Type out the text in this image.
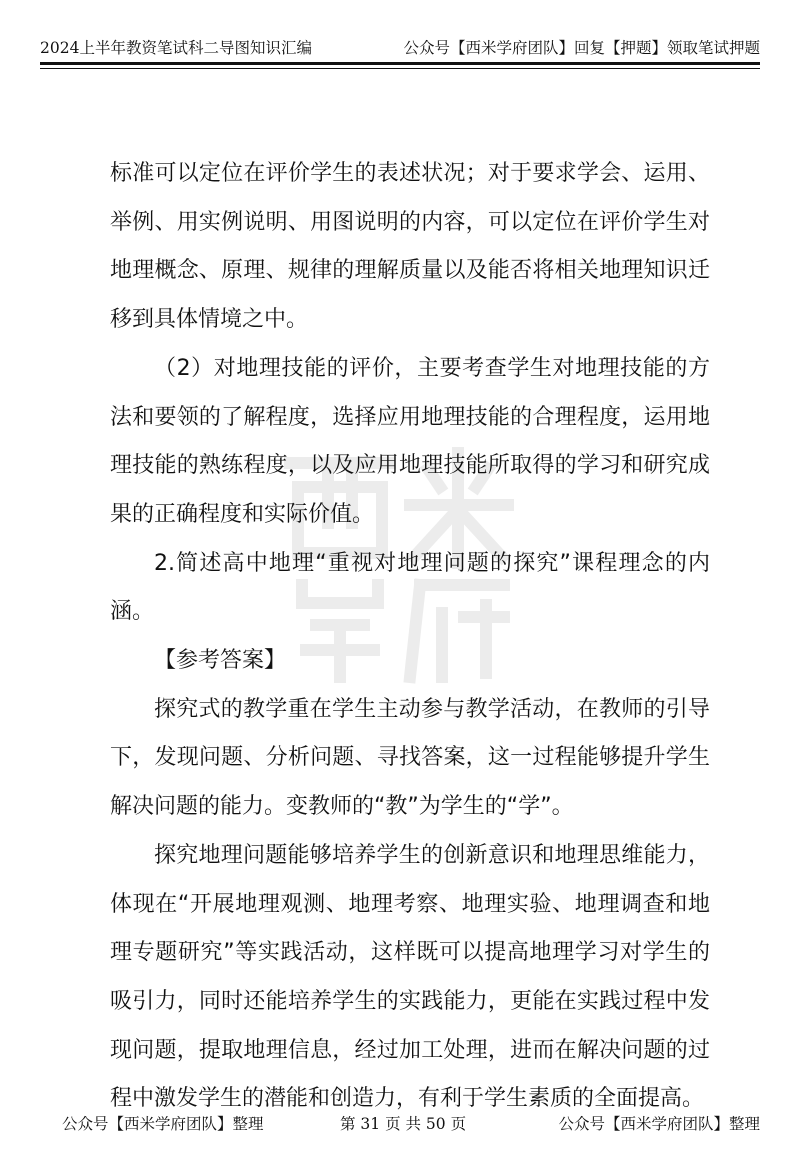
2024上半年教资笔试科二导图知识汇编	公众号【西米学府团队】回复【押题】领取笔试押题

标准可以定位在评价学生的表述状况；对于要求学会、运用、举例、用实例说明、用图说明的内容，可以定位在评价学生对地理概念、原理、规律的理解质量以及能否将相关地理知识迁移到具体情境之中。

（2）对地理技能的评价，主要考查学生对地理技能的方法和要领的了解程度，选择应用地理技能的合理程度，运用地理技能的熟练程度，以及应用地理技能所取得的学习和研究成果的正确程度和实际价值。

2.简述高中地理“重视对地理问题的探究”课程理念的内涵。

【参考答案】

探究式的教学重在学生主动参与教学活动，在教师的引导下，发现问题、分析问题、寻找答案，这一过程能够提升学生解决问题的能力。变教师的“教”为学生的“学”。

探究地理问题能够培养学生的创新意识和地理思维能力，体现在“开展地理观测、地理考察、地理实验、地理调查和地理专题研究”等实践活动，这样既可以提高地理学习对学生的吸引力，同时还能培养学生的实践能力，更能在实践过程中发现问题，提取地理信息，经过加工处理，进而在解决问题的过程中激发学生的潜能和创造力，有利于学生素质的全面提高。

公众号【西米学府团队】整理	第 31 页 共 50 页	公众号【西米学府团队】整理
